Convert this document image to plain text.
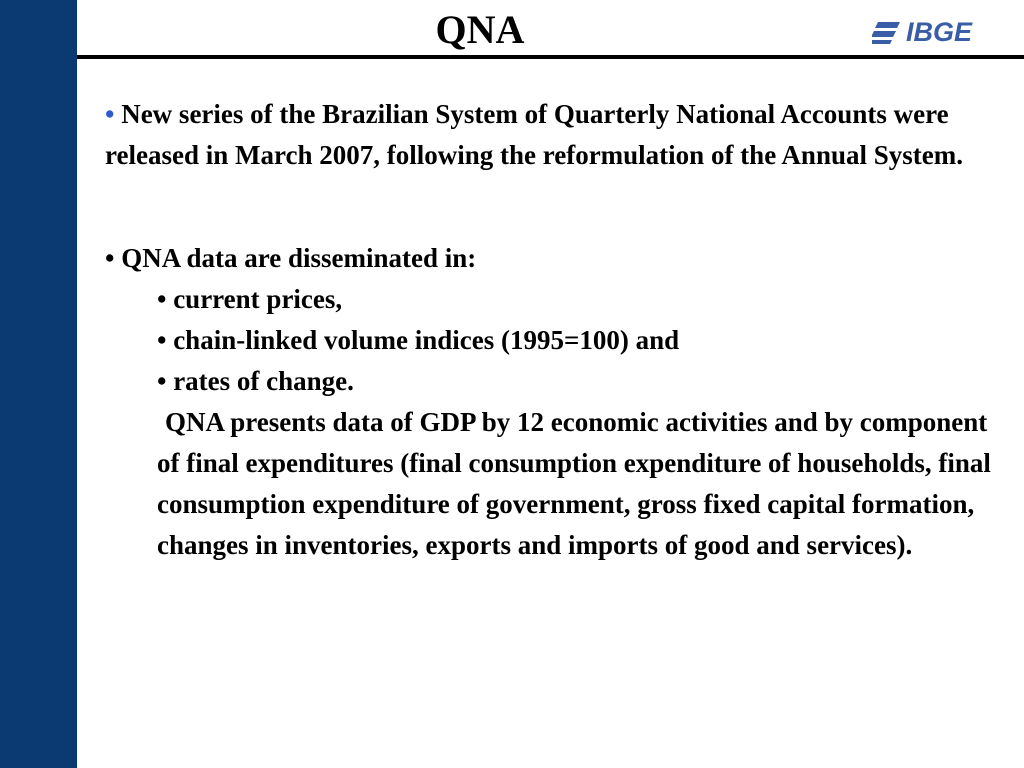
QNA	IBGE

• New series of the Brazilian System of Quarterly National Accounts were released in March 2007, following the reformulation of the Annual System.

• QNA data are disseminated in:
• current prices,
• chain-linked volume indices (1995=100) and
• rates of change.
QNA presents data of GDP by 12 economic activities and by component of final expenditures (final consumption expenditure of households, final consumption expenditure of government, gross fixed capital formation, changes in inventories, exports and imports of good and services).
